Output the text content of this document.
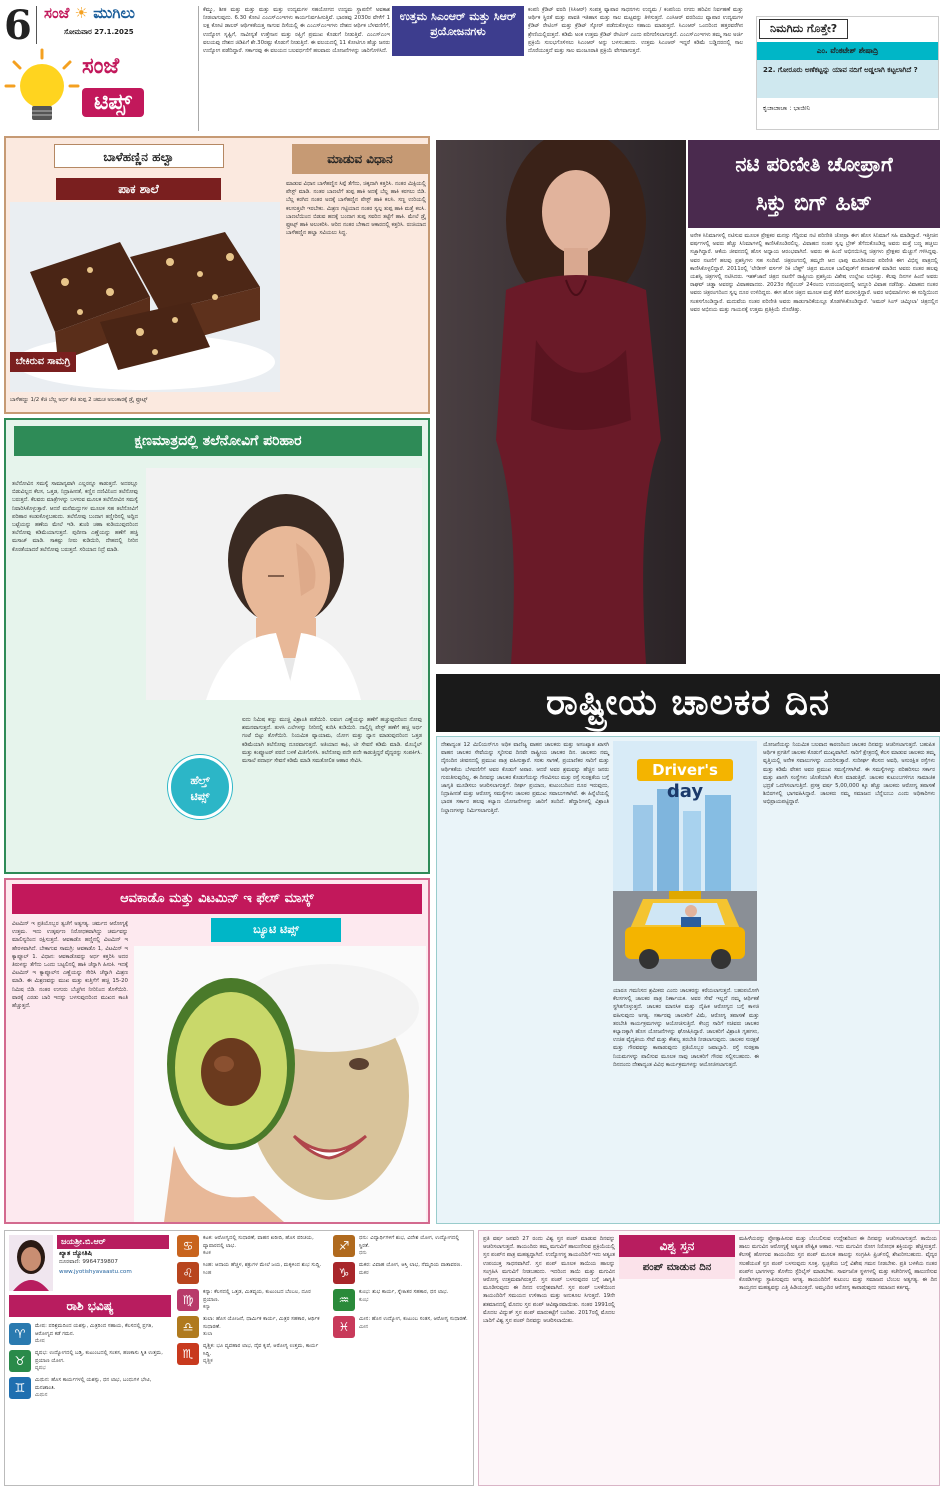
6 ಸಂಜೆ ☀ ಮುಗಿಲು
ಸೋಮವಾರ 27.1.2025
ಸಂಜೆ
ಟಿಪ್ಸ್
ಕೆಮ್ಮು, ಶೀತ ಮತ್ತು ಮತ್ತು ಮತ್ತು ಮತ್ತು ಉದ್ಯಮಗಳ ಸಹಯೋಗದ ಉದ್ಯಮ ಸ್ಥಾಪನೆಗೆ ಅವಕಾಶ ನೀಡಲಾಗುವುದು. 6.30 ಕೋಟಿ ಎಂಎಸ್‌ಎಂಇಗಳು ಕಾರ್ಯನಿರ್ವಹಿಸುತ್ತಿವೆ. ಭಾರತವು 2030ರ ವೇಳೆಗೆ 1 ಲಕ್ಷ ಕೋಟಿ ಡಾಲರ್ ಆರ್ಥಿಕತೆಯತ್ತ ಸಾಗುವ ದಿಸೆಯಲ್ಲಿ ಈ ಎಂಎಸ್‌ಎಂಇಗಳು ದೇಶದ ಆರ್ಥಿಕ ಬೆಳವಣಿಗೆಗೆ, ಉದ್ಯೋಗ ಸೃಷ್ಟಿಗೆ, ನಾವೀನ್ಯತೆ ಉತ್ತೇಜನ ಮತ್ತು ರಫ್ತಿಗೆ ಪ್ರಮುಖ ಕೊಡುಗೆ ನೀಡುತ್ತಿವೆ. ಎಂಎಸ್‌ಎಂಇ ವಲಯವು ದೇಶದ ಜಿಡಿಪಿಗೆ ಶೇ.30ರಷ್ಟು ಕೊಡುಗೆ ನೀಡುತ್ತಿದೆ. ಈ ವಲಯದಲ್ಲಿ 11 ಕೋಟಿಗೂ ಹೆಚ್ಚು ಜನರು ಉದ್ಯೋಗ ಪಡೆದಿದ್ದಾರೆ. ಸರ್ಕಾರವು ಈ ವಲಯದ ಬಲವರ್ಧನೆಗೆ ಹಲವಾರು ಯೋಜನೆಗಳನ್ನು ಜಾರಿಗೊಳಿಸಿದೆ.
ಉತ್ತಮ ಸಿಎಂಆರ್ ಮತ್ತು ಸಿಆರ್ ಪ್ರಯೋಜನಗಳು
ಕಂಪನಿ ಕ್ರೆಡಿಟ್ ವರದಿ (ಸಿಸಿಆರ್) ಸಂಪತ್ತ ವ್ಯಾಪಾರ ಸಾಧನಗಳು ಉದ್ಯಮ / ಕಂಪನಿಯ ನಗದು ಹರಿವಿನ ನಿರ್ವಹಣೆ ಮತ್ತು ಆರ್ಥಿಕ ಸ್ಥಿರತೆ ಮತ್ತು ಪಾವತಿ ಇತಿಹಾಸ ಮತ್ತು ಸಾಲ ಮಟ್ಟವನ್ನು ತಿಳಿಸುತ್ತದೆ. ಎಂಸಿಆರ್ ವರದಿಯು ವ್ಯಾಪಾರ ಉದ್ಯಮಗಳ ಕ್ರೆಡಿಟ್ ರೇಟಿಂಗ್ ಮತ್ತು ಕ್ರೆಡಿಟ್ ಸ್ಕೋರ್ ಪಡೆದುಕೊಳ್ಳಲು ಸಹಾಯ ಮಾಡುತ್ತದೆ. ಸಿಎಂಆರ್ ಒಂದರಿಂದ ಹತ್ತರವರೆಗಿನ ಶ್ರೇಣಿಯಲ್ಲಿರುತ್ತದೆ. ಕಡಿಮೆ ಅಂಕ ಉತ್ತಮ ಕ್ರೆಡಿಟ್ ರೇಟಿಂಗ್ ಎಂದು ಪರಿಗಣಿಸಲಾಗುತ್ತದೆ. ಎಂಎಸ್‌ಎಂಇಗಳು ತಮ್ಮ ಸಾಲ ಅರ್ಜಿ ಪ್ರಕ್ರಿಯೆ ಸುಲಭಗೊಳಿಸಲು ಸಿಎಂಆರ್ ಅನ್ನು ಬಳಸಬಹುದು. ಉತ್ತಮ ಸಿಎಂಆರ್ ಇದ್ದರೆ ಕಡಿಮೆ ಬಡ್ಡಿದರದಲ್ಲಿ ಸಾಲ ದೊರೆಯುತ್ತದೆ ಮತ್ತು ಸಾಲ ಮಂಜೂರಾತಿ ಪ್ರಕ್ರಿಯೆ ವೇಗವಾಗುತ್ತದೆ.
ನಿಮಗಿದು ಗೊತ್ತೇ?
ಎಂ. ವೆಂಕಟೇಶ್ ಶೇಷಾದ್ರಿ
22. ಗೋರೂರು ಅಣೆಕಟ್ಟನ್ನು ಯಾವ ನದಿಗೆ ಅಡ್ಡಲಾಗಿ ಕಟ್ಟಲಾಗಿದೆ ?
ಕೃಜಾಜಾಚಾ : ಭಾಜೀನಿ
ಬಾಳೆಹಣ್ಣಿನ ಹಲ್ವಾ
ಪಾಕ ಶಾಲೆ
ಮಾಡುವ ವಿಧಾನ
ಬೇಕಿರುವ ಸಾಮಗ್ರಿ
ಬಾಳೆಹಣ್ಣು 1/2 ಕೆಜಿ ಬೆಲ್ಲ ಅರ್ಧ ಕೆಜಿ ತುಪ್ಪ 2 ಚಮಚ ಅಲಂಕಾರಕ್ಕೆ ಡ್ರೈ ಫ್ರೂಟ್ಸ್
ಮಾಡುವ ವಿಧಾನ ಬಾಳೆಹಣ್ಣಿನ ಸಿಪ್ಪೆ ತೆಗೆದು, ಚಿಕ್ಕದಾಗಿ ಕತ್ತರಿಸಿ. ನಂತರ ಮಿಕ್ಸಿಯಲ್ಲಿ ಪೇಸ್ಟ್ ಮಾಡಿ. ನಂತರ ಬಾಣಲೆಗೆ ತುಪ್ಪ ಹಾಕಿ ಅದಕ್ಕೆ ಬೆಲ್ಲ ಹಾಕಿ ಕರಗಲು ಬಿಡಿ. ಬೆಲ್ಲ ಕರಗಿದ ನಂತರ ಅದಕ್ಕೆ ಬಾಳೆಹಣ್ಣಿನ ಪೇಸ್ಟ್ ಹಾಕಿ ಕಲಸಿ. ಸಣ್ಣ ಉರಿಯಲ್ಲಿ ಕಲಸುತ್ತಲೇ ಇರಬೇಕು. ಮಿಶ್ರಣ ಗಟ್ಟಿಯಾದ ನಂತರ ಸ್ವಲ್ಪ ತುಪ್ಪ ಹಾಕಿ ಮತ್ತೆ ಕಲಸಿ. ಬಾಣಲೆಯಿಂದ ಬಿಡುವ ಹದಕ್ಕೆ ಬಂದಾಗ ತುಪ್ಪ ಸವರಿದ ತಟ್ಟೆಗೆ ಹಾಕಿ. ಮೇಲೆ ಡ್ರೈ ಫ್ರೂಟ್ಸ್ ಹಾಕಿ ಅಲಂಕರಿಸಿ. ಆರಿದ ನಂತರ ಬೇಕಾದ ಆಕಾರದಲ್ಲಿ ಕತ್ತರಿಸಿ. ರುಚಿಯಾದ ಬಾಳೆಹಣ್ಣಿನ ಹಲ್ವಾ ಸವಿಯಲು ಸಿದ್ಧ.
ಕ್ಷಣಮಾತ್ರದಲ್ಲಿ ತಲೆನೋವಿಗೆ ಪರಿಹಾರ
ತಲೆನೋವಿನ ಸಮಸ್ಯೆ ಸಾಮಾನ್ಯವಾಗಿ ಎಲ್ಲರನ್ನೂ ಕಾಡುತ್ತದೆ. ಅದರಲ್ಲೂ ಬಿಡುವಿಲ್ಲದ ಕೆಲಸ, ಒತ್ತಡ, ನಿದ್ರಾಹೀನತೆ, ಕಣ್ಣಿನ ದಣಿವಿನಿಂದ ತಲೆನೋವು ಬರುತ್ತದೆ. ಕೆಲವರು ಮಾತ್ರೆಗಳನ್ನು ಬಳಸುವ ಮೂಲಕ ತಲೆನೋವಿನ ಸಮಸ್ಯೆ ನಿವಾರಿಸಿಕೊಳ್ಳುತ್ತಾರೆ. ಆದರೆ ಮನೆಮದ್ದುಗಳ ಮೂಲಕ ಸಹ ತಲೆನೋವಿಗೆ ಪರಿಹಾರ ಕಂಡುಕೊಳ್ಳಬಹುದು. ತಲೆನೋವು ಬಂದಾಗ ತಣ್ಣೀರಿನಲ್ಲಿ ಅದ್ದಿದ ಬಟ್ಟೆಯನ್ನು ಹಣೆಯ ಮೇಲೆ ಇಡಿ. ಶುಂಠಿ ಚಹಾ ಕುಡಿಯುವುದರಿಂದ ತಲೆನೋವು ಕಡಿಮೆಯಾಗುತ್ತದೆ. ಪುದೀನಾ ಎಣ್ಣೆಯನ್ನು ಹಣೆಗೆ ಹಚ್ಚಿ ಮಸಾಜ್ ಮಾಡಿ. ಸಾಕಷ್ಟು ನೀರು ಕುಡಿಯಿರಿ, ದೇಹದಲ್ಲಿ ನೀರಿನ ಕೊರತೆಯಾದರೆ ತಲೆನೋವು ಬರುತ್ತದೆ. ಸರಿಯಾದ ನಿದ್ರೆ ಮಾಡಿ.
ಹೆಲ್ತ್
ಟಿಪ್ಸ್
ಐದು ನಿಮಿಷ ಕಣ್ಣು ಮುಚ್ಚಿ ವಿಶ್ರಾಂತಿ ಪಡೆಯಿರಿ. ಲವಂಗ ಎಣ್ಣೆಯನ್ನು ಹಣೆಗೆ ಹಚ್ಚುವುದರಿಂದ ನೋವು ಶಮನವಾಗುತ್ತದೆ. ತುಳಸಿ ಎಲೆಗಳನ್ನು ನೀರಿನಲ್ಲಿ ಕುದಿಸಿ ಕುಡಿಯಿರಿ. ದಾಲ್ಚಿನ್ನಿ ಪೇಸ್ಟ್ ಹಣೆಗೆ ಹಚ್ಚಿ ಅರ್ಧ ಗಂಟೆ ಬಿಟ್ಟು ತೊಳೆಯಿರಿ. ನಿಯಮಿತ ವ್ಯಾಯಾಮ, ಯೋಗ ಮತ್ತು ಧ್ಯಾನ ಮಾಡುವುದರಿಂದ ಒತ್ತಡ ಕಡಿಮೆಯಾಗಿ ತಲೆನೋವು ದೂರವಾಗುತ್ತದೆ. ಅತಿಯಾದ ಕಾಫಿ, ಟೀ ಸೇವನೆ ಕಡಿಮೆ ಮಾಡಿ. ಮೊಬೈಲ್ ಮತ್ತು ಕಂಪ್ಯೂಟರ್ ಪರದೆ ಬಳಕೆ ಮಿತಿಗೊಳಿಸಿ. ತಲೆನೋವು ಪದೇ ಪದೇ ಕಾಡುತ್ತಿದ್ದರೆ ವೈದ್ಯರನ್ನು ಸಂಪರ್ಕಿಸಿ. ಮಸಾಲೆ ಪದಾರ್ಥ ಸೇವನೆ ಕಡಿಮೆ ಮಾಡಿ ಸಮತೋಲಿತ ಆಹಾರ ಸೇವಿಸಿ.
ಆವಕಾಡೊ ಮತ್ತು ವಿಟಮಿನ್ ಇ ಫೇಸ್ ಮಾಸ್ಕ್
ಬ್ಯೂಟಿ ಟಿಪ್ಸ್
ವಿಟಮಿನ್ ಇ ಪ್ರತಿಯೊಬ್ಬರ ತ್ವಚೆಗೆ ಅತ್ಯಗತ್ಯ. ಚರ್ಮದ ಆರೋಗ್ಯಕ್ಕೆ ಉತ್ತಮ. ಇದು ಉತ್ಕರ್ಷಣ ನಿರೋಧಕವಾಗಿದ್ದು ಚರ್ಮವನ್ನು ಮಾಲಿನ್ಯದಿಂದ ರಕ್ಷಿಸುತ್ತದೆ. ಆವಕಾಡೊ ಹಣ್ಣಿನಲ್ಲಿ ವಿಟಮಿನ್ ಇ ಹೇರಳವಾಗಿದೆ. ಬೇಕಾಗುವ ಸಾಮಗ್ರಿ: ಆವಕಾಡೊ 1, ವಿಟಮಿನ್ ಇ ಕ್ಯಾಪ್ಸೂಲ್ 1. ವಿಧಾನ: ಆವಕಾಡೊವನ್ನು ಅರ್ಧ ಕತ್ತರಿಸಿ ಅದರ ತಿರುಳನ್ನು ತೆಗೆದು ಒಂದು ಬಟ್ಟಲಿನಲ್ಲಿ ಹಾಕಿ ಚೆನ್ನಾಗಿ ಹಿಸುಕಿ. ಇದಕ್ಕೆ ವಿಟಮಿನ್ ಇ ಕ್ಯಾಪ್ಸೂಲ್‌ನ ಎಣ್ಣೆಯನ್ನು ಸೇರಿಸಿ ಚೆನ್ನಾಗಿ ಮಿಶ್ರಣ ಮಾಡಿ. ಈ ಮಿಶ್ರಣವನ್ನು ಮುಖ ಮತ್ತು ಕುತ್ತಿಗೆಗೆ ಹಚ್ಚಿ 15-20 ನಿಮಿಷ ಬಿಡಿ. ನಂತರ ಉಗುರು ಬೆಚ್ಚಗಿನ ನೀರಿನಿಂದ ತೊಳೆಯಿರಿ. ವಾರಕ್ಕೆ ಎರಡು ಬಾರಿ ಇದನ್ನು ಬಳಸುವುದರಿಂದ ಮುಖದ ಕಾಂತಿ ಹೆಚ್ಚುತ್ತದೆ.
ನಟಿ ಪರಿಣೀತಿ ಚೋಪ್ರಾಗೆ
ಸಿಕ್ತು ಬಿಗ್ ಹಿಟ್
ಅನೇಕ ಸಿನಿಮಾಗಳಲ್ಲಿ ನಟಿಸುವ ಮೂಲಕ ಪ್ರೇಕ್ಷಕರ ಮನಸ್ಸು ಗೆದ್ದಿರುವ ನಟಿ ಪರಿಣೀತಿ ಚೋಪ್ರಾ ಈಗ ಹೊಸ ಸಿನಿಮಾಗೆ ಸಹಿ ಮಾಡಿದ್ದಾರೆ. ಇತ್ತೀಚಿನ ವರ್ಷಗಳಲ್ಲಿ ಅವರು ಹೆಚ್ಚು ಸಿನಿಮಾಗಳಲ್ಲಿ ಕಾಣಿಸಿಕೊಂಡಿರಲಿಲ್ಲ. ವಿವಾಹದ ನಂತರ ಸ್ವಲ್ಪ ಬ್ರೇಕ್ ತೆಗೆದುಕೊಂಡಿದ್ದ ಅವರು ಮತ್ತೆ ಬಣ್ಣ ಹಚ್ಚಲು ಸಜ್ಜಾಗಿದ್ದಾರೆ. ಆಕೆಯ ಜೀವನದಲ್ಲಿ ಹೊಸ ಅಧ್ಯಾಯ ಆರಂಭವಾಗಿದೆ. ಅವರು ಈ ಹಿಂದೆ ಅಭಿನಯಿಸಿದ್ದ ಚಿತ್ರಗಳು ಪ್ರೇಕ್ಷಕರ ಮೆಚ್ಚುಗೆ ಗಳಿಸಿದ್ದವು. ಅವರ ನಟನೆಗೆ ಹಲವು ಪ್ರಶಸ್ತಿಗಳು ಸಹ ಸಂದಿವೆ. ಚಿತ್ರರಂಗದಲ್ಲಿ ತಮ್ಮದೇ ಆದ ಛಾಪು ಮೂಡಿಸಿರುವ ಪರಿಣೀತಿ ಈಗ ವಿಭಿನ್ನ ಪಾತ್ರದಲ್ಲಿ ಕಾಣಿಸಿಕೊಳ್ಳಲಿದ್ದಾರೆ. 2011ರಲ್ಲಿ 'ಲೇಡೀಸ್ ವರ್ಸಸ್ ರಿಕಿ ಬೆಹ್ಲ್' ಚಿತ್ರದ ಮೂಲಕ ಬಾಲಿವುಡ್‌ಗೆ ಪದಾರ್ಪಣೆ ಮಾಡಿದ ಅವರು ನಂತರ ಹಲವು ಯಶಸ್ವಿ ಚಿತ್ರಗಳಲ್ಲಿ ನಟಿಸಿದರು. ಇಶಕ್‌ಜಾದೆ ಚಿತ್ರದ ನಟನೆಗೆ ರಾಷ್ಟ್ರೀಯ ಪ್ರಶಸ್ತಿಯ ವಿಶೇಷ ಉಲ್ಲೇಖ ಲಭಿಸಿತ್ತು. ಕೆಲವು ದಿನಗಳ ಹಿಂದೆ ಅವರು ರಾಘವ್ ಚಡ್ಡಾ ಅವರನ್ನು ವಿವಾಹವಾದರು. 2023ರ ಸೆಪ್ಟೆಂಬರ್ 24ರಂದು ಉದಯಪುರದಲ್ಲಿ ಅದ್ದೂರಿ ವಿವಾಹ ನಡೆದಿತ್ತು. ವಿವಾಹದ ನಂತರ ಅವರು ಚಿತ್ರರಂಗದಿಂದ ಸ್ವಲ್ಪ ದೂರ ಉಳಿದಿದ್ದರು. ಈಗ ಹೊಸ ಚಿತ್ರದ ಮೂಲಕ ಮತ್ತೆ ತೆರೆಗೆ ಮರಳುತ್ತಿದ್ದಾರೆ. ಅವರ ಅಭಿಮಾನಿಗಳು ಈ ಸುದ್ದಿಯಿಂದ ಸಂತಸಗೊಂಡಿದ್ದಾರೆ. ಮದುವೆಯ ನಂತರ ಪರಿಣೀತಿ ಅವರು ಹಾಡುಗಾರಿಕೆಯಲ್ಲೂ ತೊಡಗಿಸಿಕೊಂಡಿದ್ದಾರೆ. 'ಅಮರ್ ಸಿಂಗ್ ಚಮ್ಕೀಲಾ' ಚಿತ್ರದಲ್ಲಿನ ಅವರ ಅಭಿನಯ ಮತ್ತು ಗಾಯನಕ್ಕೆ ಉತ್ತಮ ಪ್ರತಿಕ್ರಿಯೆ ದೊರೆತಿತ್ತು.
ರಾಷ್ಟ್ರೀಯ ಚಾಲಕರ ದಿನ
ದೇಶಾದ್ಯಂತ 12 ಮಿಲಿಯನ್‌ಗೂ ಅಧಿಕ ವಾಣಿಜ್ಯ ವಾಹನ ಚಾಲಕರು ಮತ್ತು ಅಸಂಖ್ಯಾತ ಖಾಸಗಿ ವಾಹನ ಚಾಲಕರ ಸೇವೆಯನ್ನು ಸ್ಮರಿಸುವ ದಿನವೇ ರಾಷ್ಟ್ರೀಯ ಚಾಲಕರ ದಿನ. ಚಾಲಕರು ನಮ್ಮ ದೈನಂದಿನ ಜೀವನದಲ್ಲಿ ಪ್ರಮುಖ ಪಾತ್ರ ವಹಿಸುತ್ತಾರೆ. ಸರಕು ಸಾಗಣೆ, ಪ್ರಯಾಣಿಕರ ಸಾರಿಗೆ ಮತ್ತು ಆರ್ಥಿಕತೆಯ ಬೆಳವಣಿಗೆಗೆ ಅವರ ಕೊಡುಗೆ ಅಪಾರ. ಆದರೆ ಅವರ ಶ್ರಮವನ್ನು ಹೆಚ್ಚಿನ ಜನರು ಗುರುತಿಸುವುದಿಲ್ಲ. ಈ ದಿನವನ್ನು ಚಾಲಕರ ಕೊಡುಗೆಯನ್ನು ಗೌರವಿಸಲು ಮತ್ತು ರಸ್ತೆ ಸುರಕ್ಷತೆಯ ಬಗ್ಗೆ ಜಾಗೃತಿ ಮೂಡಿಸಲು ಆಚರಿಸಲಾಗುತ್ತದೆ. ದೀರ್ಘ ಪ್ರಯಾಣ, ಕುಟುಂಬದಿಂದ ದೂರ ಇರುವುದು, ನಿದ್ರಾಹೀನತೆ ಮತ್ತು ಆರೋಗ್ಯ ಸಮಸ್ಯೆಗಳು ಚಾಲಕರ ಪ್ರಮುಖ ಸವಾಲುಗಳಾಗಿವೆ. ಈ ಹಿನ್ನೆಲೆಯಲ್ಲಿ ಭಾರತ ಸರ್ಕಾರ ಹಲವು ಕಲ್ಯಾಣ ಯೋಜನೆಗಳನ್ನು ಜಾರಿಗೆ ತಂದಿದೆ. ಹೆದ್ದಾರಿಗಳಲ್ಲಿ ವಿಶ್ರಾಂತಿ ನಿಲ್ದಾಣಗಳನ್ನು ನಿರ್ಮಿಸಲಾಗುತ್ತಿದೆ.
Driver's
day
ಯಾರೂ ಗಮನಿಸದ ಶ್ರಮಿಕರು ಎಂದು ಚಾಲಕರನ್ನು ಕರೆಯಲಾಗುತ್ತದೆ. ಬಹುಪಯೋಗಿ ಕೆಲಸಗಳಲ್ಲಿ ಚಾಲಕರ ಪಾತ್ರ ನಿರ್ಣಾಯಕ. ಅವರ ಸೇವೆ ಇಲ್ಲದೆ ನಮ್ಮ ಆರ್ಥಿಕತೆ ಸ್ಥಗಿತಗೊಳ್ಳುತ್ತದೆ. ಚಾಲಕರ ಮಾನಸಿಕ ಮತ್ತು ದೈಹಿಕ ಆರೋಗ್ಯದ ಬಗ್ಗೆ ಕಾಳಜಿ ವಹಿಸುವುದು ಅಗತ್ಯ. ಸರ್ಕಾರವು ಚಾಲಕರಿಗೆ ವಿಮೆ, ಆರೋಗ್ಯ ತಪಾಸಣೆ ಮತ್ತು ತರಬೇತಿ ಕಾರ್ಯಕ್ರಮಗಳನ್ನು ಆಯೋಜಿಸುತ್ತಿದೆ. ಕೇಂದ್ರ ಸಾರಿಗೆ ಸಚಿವರು ಚಾಲಕರ ಕಲ್ಯಾಣಕ್ಕಾಗಿ ಹೊಸ ಯೋಜನೆಗಳನ್ನು ಘೋಷಿಸಿದ್ದಾರೆ. ಚಾಲಕರಿಗೆ ವಿಶ್ರಾಂತಿ ಗೃಹಗಳು, ಉಚಿತ ವೈದ್ಯಕೀಯ ಸೇವೆ ಮತ್ತು ಕೌಶಲ್ಯ ತರಬೇತಿ ನೀಡಲಾಗುವುದು. ಚಾಲಕರ ಸುರಕ್ಷತೆ ಮತ್ತು ಗೌರವವನ್ನು ಕಾಪಾಡುವುದು ಪ್ರತಿಯೊಬ್ಬರ ಜವಾಬ್ದಾರಿ. ರಸ್ತೆ ಸುರಕ್ಷತಾ ನಿಯಮಗಳನ್ನು ಪಾಲಿಸುವ ಮೂಲಕ ನಾವು ಚಾಲಕರಿಗೆ ಗೌರವ ಸಲ್ಲಿಸಬಹುದು. ಈ ದಿನದಂದು ದೇಶಾದ್ಯಂತ ವಿವಿಧ ಕಾರ್ಯಕ್ರಮಗಳನ್ನು ಆಯೋಜಿಸಲಾಗುತ್ತದೆ.
ಯೋಜನೆಯನ್ನು ನಿಯಮಿತ ಬಲವಾದ ಕಾರಣದಿಂದ ಚಾಲಕರ ದಿನವನ್ನು ಆಚರಿಸಲಾಗುತ್ತದೆ. ಬಹುಪಿತ ಆರ್ಥಿಕ ಪ್ರಗತಿಗೆ ಚಾಲಕರ ಕೊಡುಗೆ ಮುಖ್ಯವಾಗಿದೆ. ಸಾರಿಗೆ ಕ್ಷೇತ್ರದಲ್ಲಿ ಕೆಲಸ ಮಾಡುವ ಚಾಲಕರು ತಮ್ಮ ವೃತ್ತಿಯಲ್ಲಿ ಅನೇಕ ಸವಾಲುಗಳನ್ನು ಎದುರಿಸುತ್ತಾರೆ. ಸುದೀರ್ಘ ಕೆಲಸದ ಅವಧಿ, ಅಸುರಕ್ಷಿತ ರಸ್ತೆಗಳು ಮತ್ತು ಕಡಿಮೆ ವೇತನ ಅವರ ಪ್ರಮುಖ ಸಮಸ್ಯೆಗಳಾಗಿವೆ. ಈ ಸಮಸ್ಯೆಗಳನ್ನು ಪರಿಹರಿಸಲು ಸರ್ಕಾರ ಮತ್ತು ಖಾಸಗಿ ಸಂಸ್ಥೆಗಳು ಜೊತೆಯಾಗಿ ಕೆಲಸ ಮಾಡುತ್ತಿವೆ. ಚಾಲಕರ ಕುಟುಂಬಗಳಿಗೂ ಸಾಮಾಜಿಕ ಭದ್ರತೆ ಒದಗಿಸಲಾಗುತ್ತಿದೆ. ಪ್ರಸಕ್ತ ವರ್ಷ 5,00,000 ಕ್ಕೂ ಹೆಚ್ಚು ಚಾಲಕರು ಆರೋಗ್ಯ ತಪಾಸಣೆ ಶಿಬಿರಗಳಲ್ಲಿ ಭಾಗವಹಿಸಿದ್ದಾರೆ. ಚಾಲಕರು ನಮ್ಮ ಸಮಾಜದ ಬೆನ್ನೆಲುಬು ಎಂದು ಅಧಿಕಾರಿಗಳು ಅಭಿಪ್ರಾಯಪಟ್ಟಿದ್ದಾರೆ.
ಜಯಶ್ರೀ.ಬಿ.ಆರ್
ಖ್ಯಾತ ಜ್ಯೋತಿಷಿ
ದೂರವಾಣಿ: 9964739807
www.jyotishyavaastu.com
ರಾಶಿ ಭವಿಷ್ಯ
♈
ಮೇಷ: ಪರಿಶ್ರಮದಿಂದ ಯಶಸ್ಸು, ಮಿತ್ರರಿಂದ ಸಹಾಯ, ಕೆಲಸದಲ್ಲಿ ಪ್ರಗತಿ, ಆರೋಗ್ಯದ ಕಡೆ ಗಮನ.
ಮೇಷ
♉
ವೃಷಭ: ಉದ್ಯೋಗದಲ್ಲಿ ಬಡ್ತಿ, ಕುಟುಂಬದಲ್ಲಿ ಸಂತಸ, ಹಣಕಾಸು ಸ್ಥಿತಿ ಉತ್ತಮ, ಪ್ರಯಾಣ ಯೋಗ.
ವೃಷಭ
♊
ಮಿಥುನ: ಹೊಸ ಕಾರ್ಯಗಳಲ್ಲಿ ಯಶಸ್ಸು, ಧನ ಲಾಭ, ಬಂಧುಗಳ ಭೇಟಿ, ಮನಃಶಾಂತಿ.
ಮಿಥುನ
♋
ಕಟಕ: ಆರೋಗ್ಯದಲ್ಲಿ ಸುಧಾರಣೆ, ವಾಹನ ಖರೀದಿ, ಹೊಸ ಪರಿಚಯ, ವ್ಯಾಪಾರದಲ್ಲಿ ಲಾಭ.
ಕಟಕ
♌
ಸಿಂಹ: ಆದಾಯ ಹೆಚ್ಚಳ, ಶತ್ರುಗಳ ಮೇಲೆ ಜಯ, ಮಕ್ಕಳಿಂದ ಶುಭ ಸುದ್ದಿ.
ಸಿಂಹ
♍
ಕನ್ಯಾ: ಕೆಲಸದಲ್ಲಿ ಒತ್ತಡ, ಮಿತವ್ಯಯ, ಕುಟುಂಬದ ಬೆಂಬಲ, ದೂರ ಪ್ರಯಾಣ.
ಕನ್ಯಾ
♎
ತುಲಾ: ಹೊಸ ಯೋಜನೆ, ಧಾರ್ಮಿಕ ಕಾರ್ಯ, ಮಿತ್ರರ ಸಹಕಾರ, ಆರ್ಥಿಕ ಸುಧಾರಣೆ.
ತುಲಾ
♏
ವೃಶ್ಚಿಕ: ಭೂ ವ್ಯವಹಾರ ಲಾಭ, ದೈವ ಕೃಪೆ, ಆರೋಗ್ಯ ಉತ್ತಮ, ಕಾರ್ಯ ಸಿದ್ಧಿ.
ವೃಶ್ಚಿಕ
♐
ಧನು: ವಿದ್ಯಾರ್ಥಿಗಳಿಗೆ ಶುಭ, ವಿದೇಶ ಯೋಗ, ಉದ್ಯೋಗದಲ್ಲಿ ಸ್ಥಿರತೆ.
ಧನು
♑
ಮಕರ: ವಿವಾಹ ಯೋಗ, ಆಸ್ತಿ ಲಾಭ, ನೆಮ್ಮದಿಯ ವಾತಾವರಣ.
ಮಕರ
♒
ಕುಂಭ: ಶುಭ ಕಾರ್ಯ, ಸ್ನೇಹಿತರ ಸಹಕಾರ, ಧನ ಲಾಭ.
ಕುಂಭ
♓
ಮೀನ: ಹೊಸ ಉದ್ಯೋಗ, ಕುಟುಂಬ ಸಂತಸ, ಆರೋಗ್ಯ ಸುಧಾರಣೆ.
ಮೀನ
ಪ್ರತಿ ವರ್ಷ ಜನವರಿ 27 ರಂದು ವಿಶ್ವ ಸ್ತನ ಪಂಪ್ ಮಾಡುವ ದಿನವನ್ನು ಆಚರಿಸಲಾಗುತ್ತದೆ. ತಾಯಂದಿರು ತಮ್ಮ ಮಗುವಿಗೆ ಹಾಲುಣಿಸುವ ಪ್ರಕ್ರಿಯೆಯಲ್ಲಿ ಸ್ತನ ಪಂಪ್‌ನ ಪಾತ್ರ ಮಹತ್ವದ್ದಾಗಿದೆ. ಉದ್ಯೋಗಸ್ಥ ತಾಯಂದಿರಿಗೆ ಇದು ಅತ್ಯಂತ ಉಪಯುಕ್ತ ಸಾಧನವಾಗಿದೆ. ಸ್ತನ ಪಂಪ್ ಮೂಲಕ ತಾಯಿಯ ಹಾಲನ್ನು ಸಂಗ್ರಹಿಸಿ ಮಗುವಿಗೆ ನೀಡಬಹುದು. ಇದರಿಂದ ತಾಯಿ ಮತ್ತು ಮಗುವಿನ ಆರೋಗ್ಯ ಉತ್ತಮವಾಗಿರುತ್ತದೆ. ಸ್ತನ ಪಂಪ್ ಬಳಸುವುದರ ಬಗ್ಗೆ ಜಾಗೃತಿ ಮೂಡಿಸುವುದು ಈ ದಿನದ ಉದ್ದೇಶವಾಗಿದೆ. ಸ್ತನ ಪಂಪ್ ಬಳಕೆಯಿಂದ ತಾಯಂದಿರಿಗೆ ಸಮಯದ ಉಳಿತಾಯ ಮತ್ತು ಅನುಕೂಲ ಸಿಗುತ್ತದೆ. 19ನೇ ಶತಮಾನದಲ್ಲಿ ಮೊದಲ ಸ್ತನ ಪಂಪ್ ಆವಿಷ್ಕಾರವಾಯಿತು. ನಂತರ 1991ರಲ್ಲಿ ಮೊದಲ ವಿದ್ಯುತ್ ಸ್ತನ ಪಂಪ್ ಮಾರುಕಟ್ಟೆಗೆ ಬಂದಿತು. 2017ರಲ್ಲಿ ಮೊದಲ ಬಾರಿಗೆ ವಿಶ್ವ ಸ್ತನ ಪಂಪ್ ದಿನವನ್ನು ಆಚರಿಸಲಾಯಿತು.
ವಿಶ್ವ ಸ್ತನ
ಪಂಪ್ ಮಾಡುವ ದಿನ
ಮಹಿಳೆಯರನ್ನು ಪ್ರೋತ್ಸಾಹಿಸುವ ಮತ್ತು ಬೆಂಬಲಿಸುವ ಉದ್ದೇಶದಿಂದ ಈ ದಿನವನ್ನು ಆಚರಿಸಲಾಗುತ್ತದೆ. ತಾಯಿಯ ಹಾಲು ಮಗುವಿನ ಆರೋಗ್ಯಕ್ಕೆ ಅತ್ಯಂತ ಪೌಷ್ಟಿಕ ಆಹಾರ. ಇದು ಮಗುವಿನ ರೋಗ ನಿರೋಧಕ ಶಕ್ತಿಯನ್ನು ಹೆಚ್ಚಿಸುತ್ತದೆ. ಕೆಲಸಕ್ಕೆ ಹೋಗುವ ತಾಯಂದಿರು ಸ್ತನ ಪಂಪ್ ಮೂಲಕ ಹಾಲನ್ನು ಸಂಗ್ರಹಿಸಿ ಫ್ರಿಜ್‌ನಲ್ಲಿ ಶೇಖರಿಸಬಹುದು. ವೈದ್ಯರ ಸಲಹೆಯಂತೆ ಸ್ತನ ಪಂಪ್ ಬಳಸುವುದು ಸೂಕ್ತ. ಸ್ವಚ್ಛತೆಯ ಬಗ್ಗೆ ವಿಶೇಷ ಗಮನ ನೀಡಬೇಕು. ಪ್ರತಿ ಬಳಕೆಯ ನಂತರ ಪಂಪ್‌ನ ಭಾಗಗಳನ್ನು ತೊಳೆದು ಸ್ಟೆರಿಲೈಸ್ ಮಾಡಬೇಕು. ಸಾರ್ವಜನಿಕ ಸ್ಥಳಗಳಲ್ಲಿ ಮತ್ತು ಕಚೇರಿಗಳಲ್ಲಿ ಹಾಲುಣಿಸುವ ಕೊಠಡಿಗಳನ್ನು ಸ್ಥಾಪಿಸುವುದು ಅಗತ್ಯ. ತಾಯಂದಿರಿಗೆ ಕುಟುಂಬ ಮತ್ತು ಸಮಾಜದ ಬೆಂಬಲ ಅತ್ಯಗತ್ಯ. ಈ ದಿನ ತಾಯ್ತನದ ಮಹತ್ವವನ್ನು ಎತ್ತಿ ಹಿಡಿಯುತ್ತದೆ. ಅಮ್ಮಂದಿರ ಆರೋಗ್ಯ ಕಾಪಾಡುವುದು ಸಮಾಜದ ಕರ್ತವ್ಯ.
